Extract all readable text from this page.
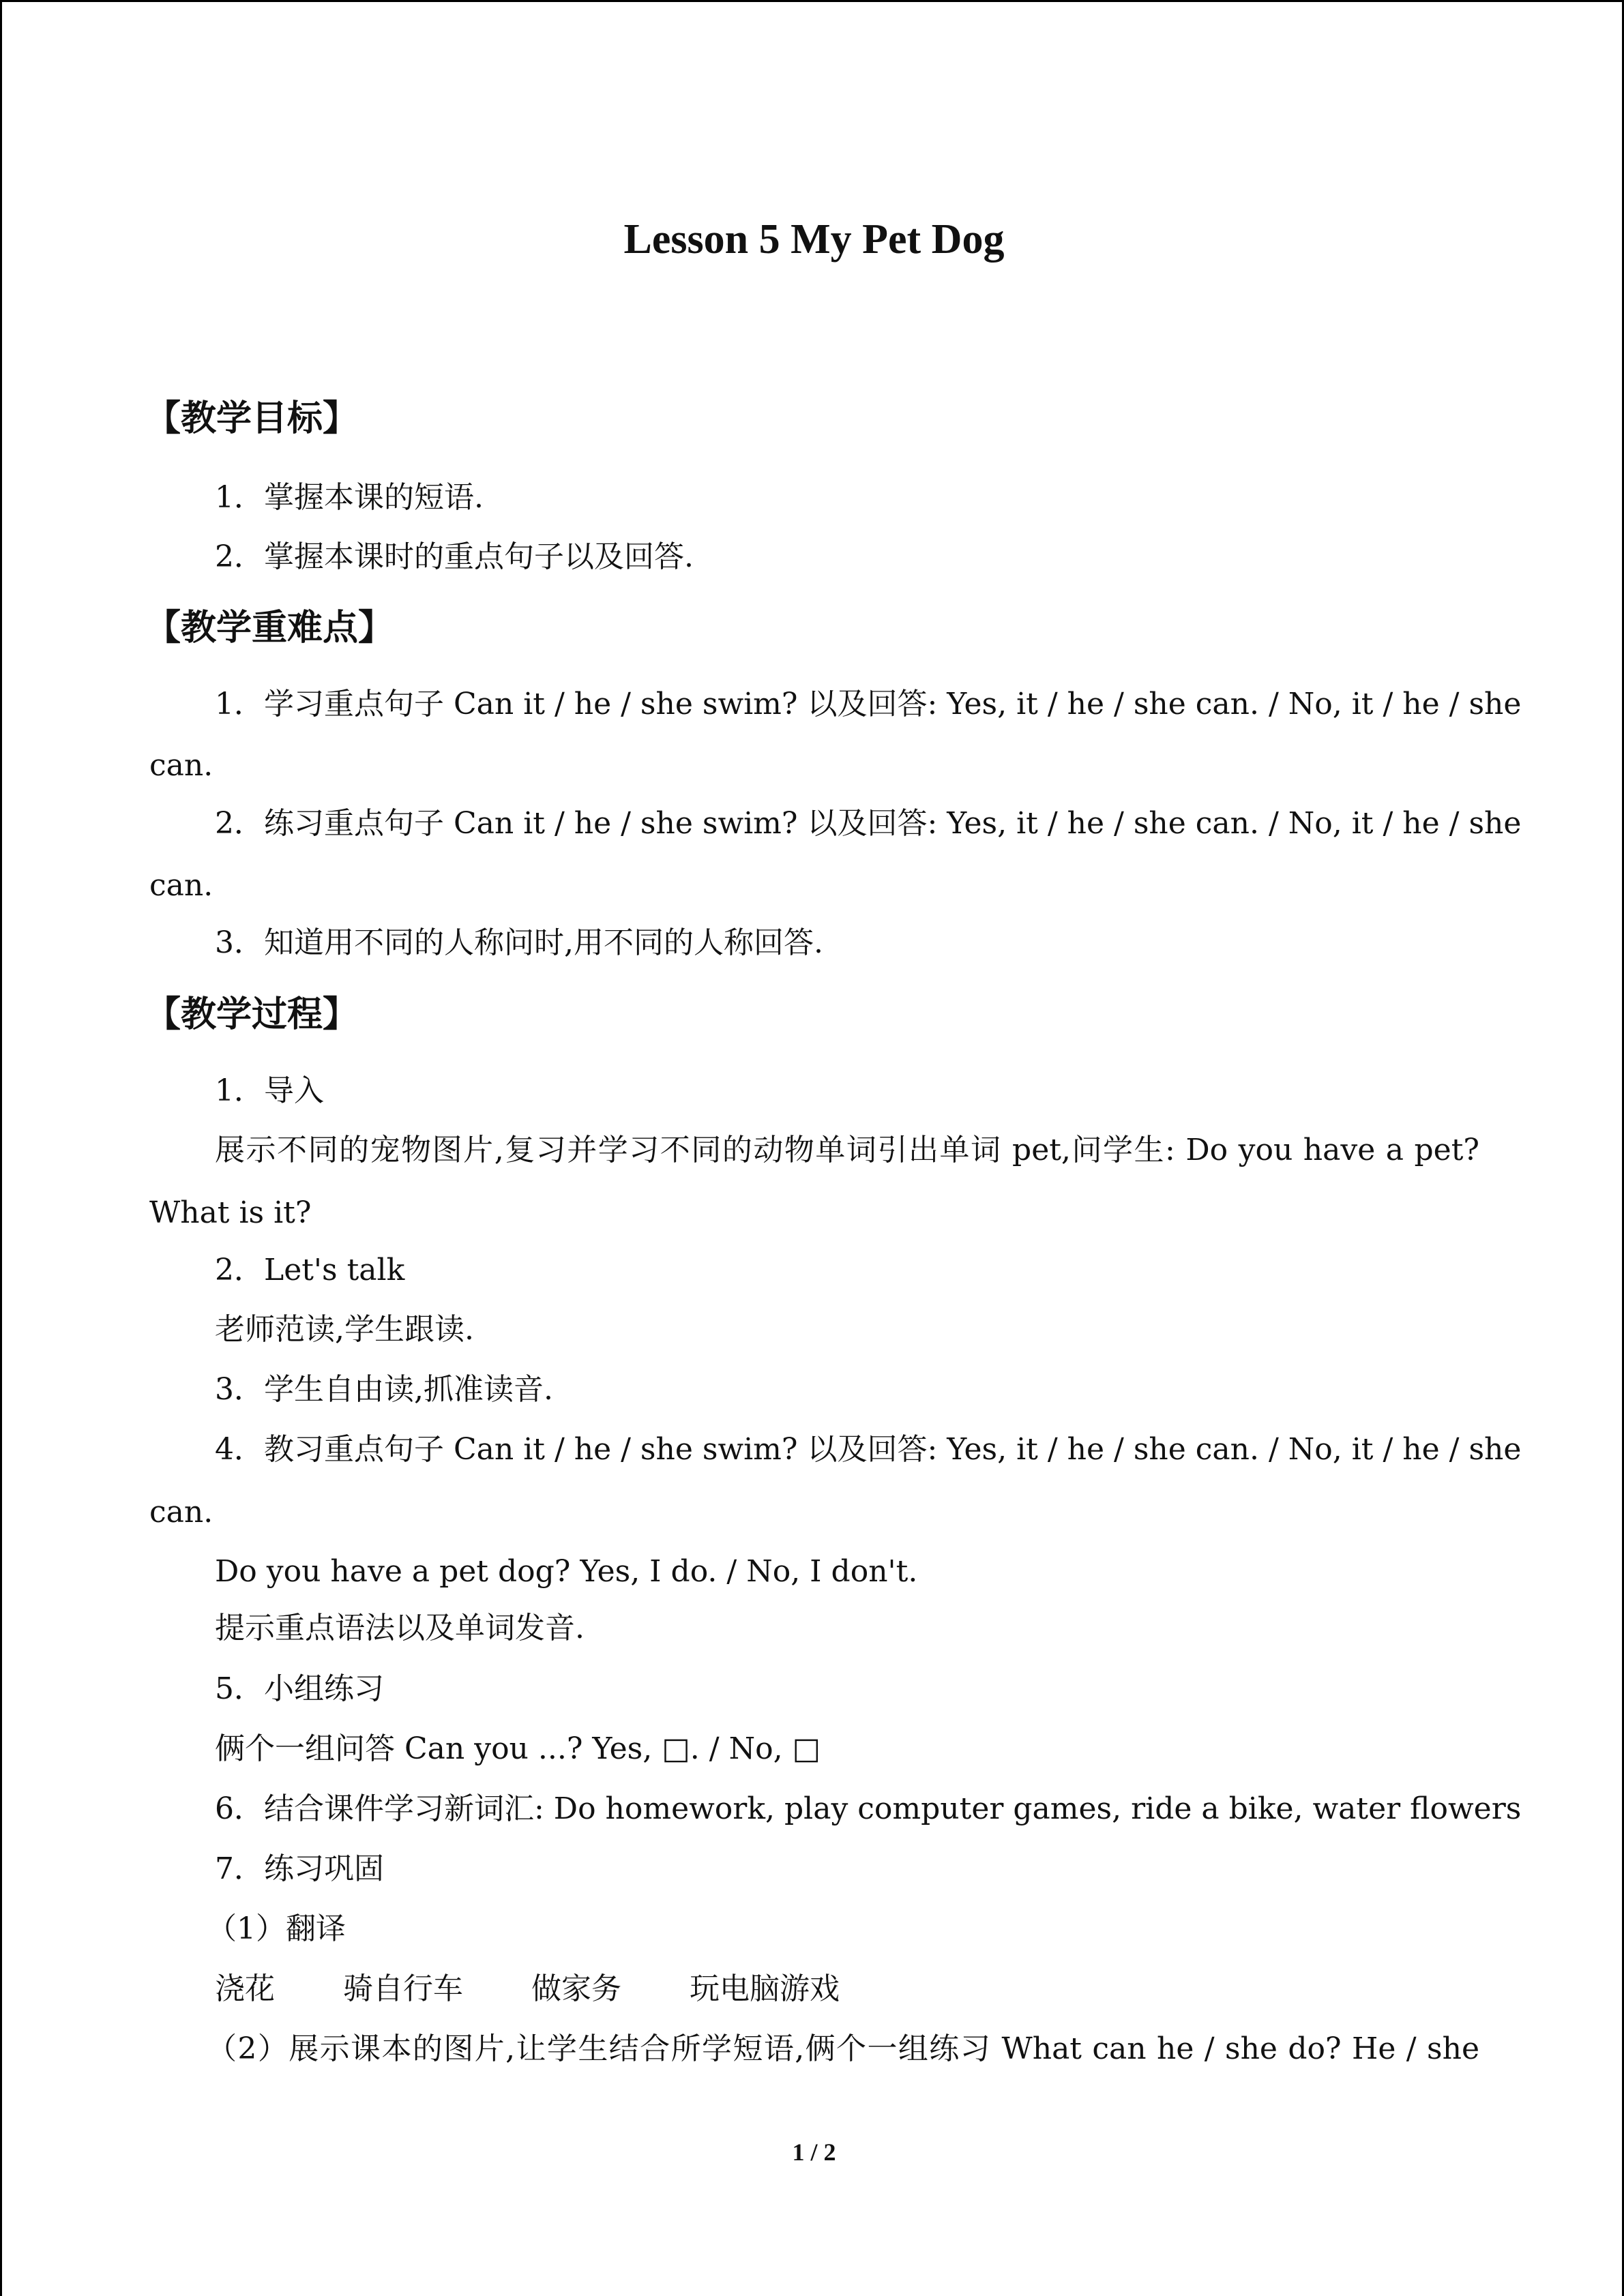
Lesson 5 My Pet Dog
【教学目标】
1．掌握本课的短语.
2．掌握本课时的重点句子以及回答.
【教学重难点】
1．学习重点句子 Can it / he / she swim? 以及回答: Yes, it / he / she can. / No, it / he / she
can.
2．练习重点句子 Can it / he / she swim? 以及回答: Yes, it / he / she can. / No, it / he / she
can.
3．知道用不同的人称问时,用不同的人称回答.
【教学过程】
1．导入
展示不同的宠物图片,复习并学习不同的动物单词引出单词 pet,问学生: Do you have a pet?
What is it?
2．Let's talk
老师范读,学生跟读.
3．学生自由读,抓准读音.
4．教习重点句子 Can it / he / she swim? 以及回答: Yes, it / he / she can. / No, it / he / she
can.
Do you have a pet dog? Yes, I do. / No, I don't.
提示重点语法以及单词发音.
5．小组练习
俩个一组问答 Can you ...? Yes, □. / No, □
6．结合课件学习新词汇: Do homework, play computer games, ride a bike, water flowers
7．练习巩固
（1）翻译
浇花 骑自行车 做家务 玩电脑游戏
（2）展示课本的图片,让学生结合所学短语,俩个一组练习 What can he / she do? He / she
1 / 2
